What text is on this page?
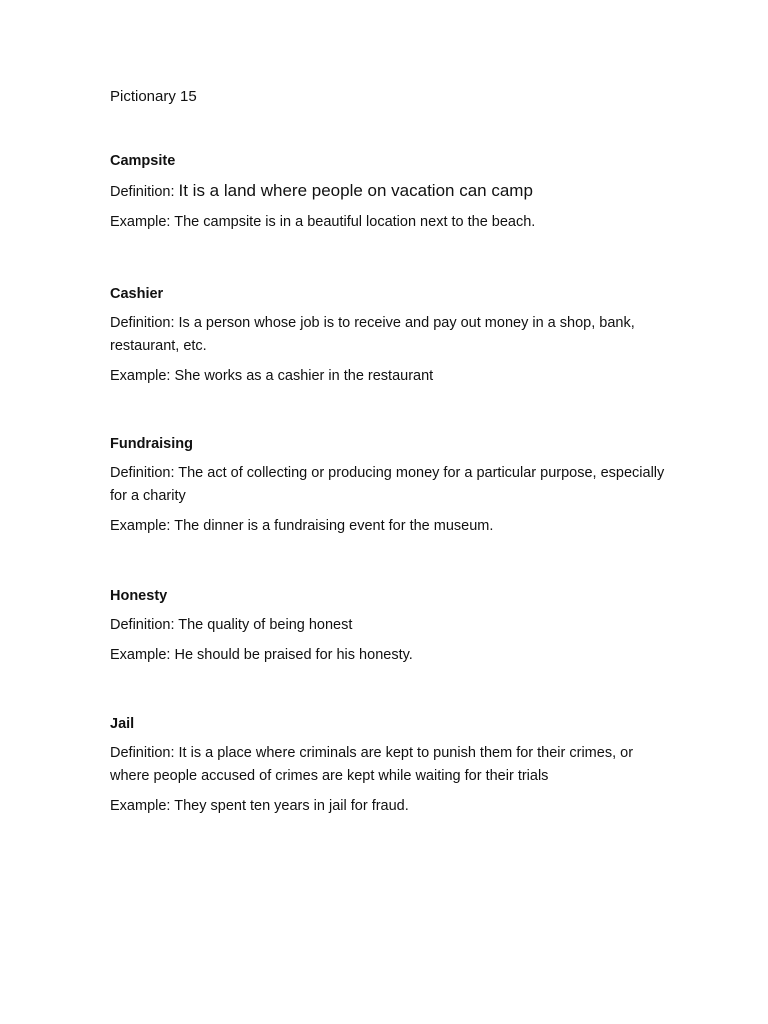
Pictionary 15

Campsite

Definition: It is a land where people on vacation can camp

Example: The campsite is in a beautiful location next to the beach.

Cashier

Definition: Is a person whose job is to receive and pay out money in a shop, bank, restaurant, etc.

Example: She works as a cashier in the restaurant

Fundraising

Definition: The act of collecting or producing money for a particular purpose, especially for a charity

Example: The dinner is a fundraising event for the museum.

Honesty

Definition: The quality of being honest

Example: He should be praised for his honesty.

Jail

Definition: It is a place where criminals are kept to punish them for their crimes, or where people accused of crimes are kept while waiting for their trials

Example: They spent ten years in jail for fraud.
